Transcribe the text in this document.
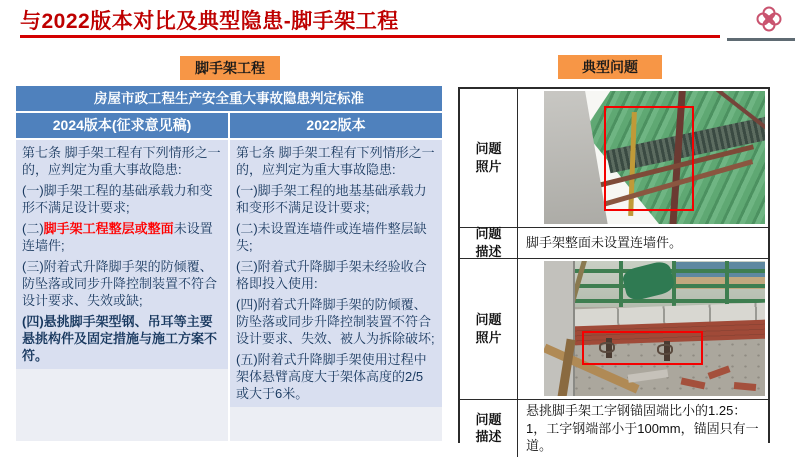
与2022版本对比及典型隐患-脚手架工程
脚手架工程	典型问题
房屋市政工程生产安全重大事故隐患判定标准
2024版本(征求意见稿)	2022版本

第七条 脚手架工程有下列情形之一的，应判定为重大事故隐患:

(一)脚手架工程的基础承载力和变形不满足设计要求;

(二)脚手架工程整层或整面未设置连墙件;

(三)附着式升降脚手架的防倾覆、防坠落或同步升降控制装置不符合设计要求、失效或缺;

(四)悬挑脚手架型钢、吊耳等主要悬挑构件及固定措施与施工方案不符。

第七条 脚手架工程有下列情形之一的，应判定为重大事故隐患:

(一)脚手架工程的地基基础承载力和变形不满足设计要求;

(二)未设置连墙件或连墙件整层缺失;

(三)附着式升降脚手架未经验收合格即投入使用:

(四)附着式升降脚手架的防倾覆、防坠落或同步升降控制装置不符合设计要求、失效、被人为拆除破坏;

(五)附着式升降脚手架使用过程中架体悬臂高度大于架体高度的2/5或大于6米。

问题照片
问题描述
脚手架整面未设置连墙件。
问题照片
问题描述
悬挑脚手架工字钢锚固端比小的1.25：1，工字钢端部小于100mm，锚固只有一道。
